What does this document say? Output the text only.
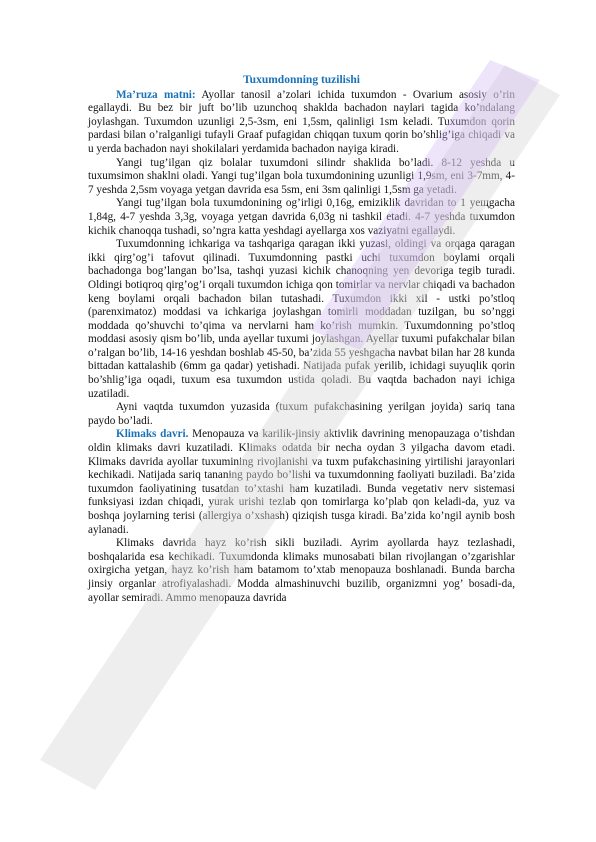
Tuxumdonning tuzilishi

Ma’ruza matni: Ayollar tanosil a’zolari ichida tuxumdon - Ovarium asosiy o’rin egallaydi. Bu bez bir juft bo’lib uzunchoq shaklda bachadon naylari tagida ko’ndalang joylashgan. Tuxumdon uzunligi 2,5-3sm, eni 1,5sm, qalinligi 1sm keladi. Tuxumdon qorin pardasi bilan o’ralganligi tufayli Graaf pufagidan chiqqan tuxum qorin bo’shlig’iga chiqadi va u yerda bachadon nayi shokilalari yerdamida bachadon nayiga kiradi.

Yangi tug’ilgan qiz bolalar tuxumdoni silindr shaklida bo’ladi. 8-12 yeshda u tuxumsimon shaklni oladi. Yangi tug’ilgan bola tuxumdonining uzunligi 1,9sm, eni 3-7mm, 4-7 yeshda 2,5sm voyaga yetgan davrida esa 5sm, eni 3sm qalinligi 1,5sm ga yetadi.

Yangi tug’ilgan bola tuxumdonining og’irligi 0,16g, emiziklik davridan to 1 yeщgacha 1,84g, 4-7 yeshda 3,3g, voyaga yetgan davrida 6,03g ni tashkil etadi. 4-7 yeshda tuxumdon kichik chanoqqa tushadi, so’ngra katta yeshdagi ayellarga xos vaziyatni egallaydi.

Tuxumdonning ichkariga va tashqariga qaragan ikki yuzasi, oldingi va orqaga qaragan ikki qirg’og’i tafovut qilinadi. Tuxumdonning pastki uchi tuxumdon boylami orqali bachadonga bog’langan bo’lsa, tashqi yuzasi kichik chanoqning yen devoriga tegib turadi. Oldingi botiqroq qirg’og’i orqali tuxumdon ichiga qon tomirlar va nervlar chiqadi va bachadon keng boylami orqali bachadon bilan tutashadi. Tuxumdon ikki xil - ustki po’stloq (parenximatoz) moddasi va ichkariga joylashgan tomirli moddadan tuzilgan, bu so’nggi moddada qo’shuvchi to’qima va nervlarni ham ko’rish mumkin. Tuxumdonning po’stloq moddasi asosiy qism bo’lib, unda ayellar tuxumi joylashgan. Ayellar tuxumi pufakchalar bilan o’ralgan bo’lib, 14-16 yeshdan boshlab 45-50, ba’zida 55 yeshgacha navbat bilan har 28 kunda bittadan kattalashib (6mm ga qadar) yetishadi. Natijada pufak yerilib, ichidagi suyuqlik qorin bo’shlig’iga oqadi, tuxum esa tuxumdon ustida qoladi. Bu vaqtda bachadon nayi ichiga uzatiladi.

Ayni vaqtda tuxumdon yuzasida (tuxum pufakchasining yerilgan joyida) sariq tana paydo bo’ladi.

Klimaks davri. Menopauza va karilik-jinsiy aktivlik davrining menopauzaga o’tishdan oldin klimaks davri kuzatiladi. Klimaks odatda bir necha oydan 3 yilgacha davom etadi. Klimaks davrida ayollar tuxumining rivojlanishi va tuxm pufakchasining yirtilishi jarayonlari kechikadi. Natijada sariq tananing paydo bo’lishi va tuxumdonning faoliyati buziladi. Ba’zida tuxumdon faoliyatining tusatdan to’xtashi ham kuzatiladi. Bunda vegetativ nerv sistemasi funksiyasi izdan chiqadi, yurak urishi tezlab qon tomirlarga ko’plab qon keladi-da, yuz va boshqa joylarning terisi (allergiya o’xshash) qiziqish tusga kiradi. Ba’zida ko’ngil aynib bosh aylanadi.

Klimaks davrida hayz ko’rish sikli buziladi. Ayrim ayollarda hayz tezlashadi, boshqalarida esa kechikadi. Tuxumdonda klimaks munosabati bilan rivojlangan o’zgarishlar oxirgicha yetgan, hayz ko’rish ham batamom to’xtab menopauza boshlanadi. Bunda barcha jinsiy organlar atrofiyalashadi. Modda almashinuvchi buzilib, organizmni yog’ bosadi-da, ayollar semiradi. Ammo menopauza davrida
